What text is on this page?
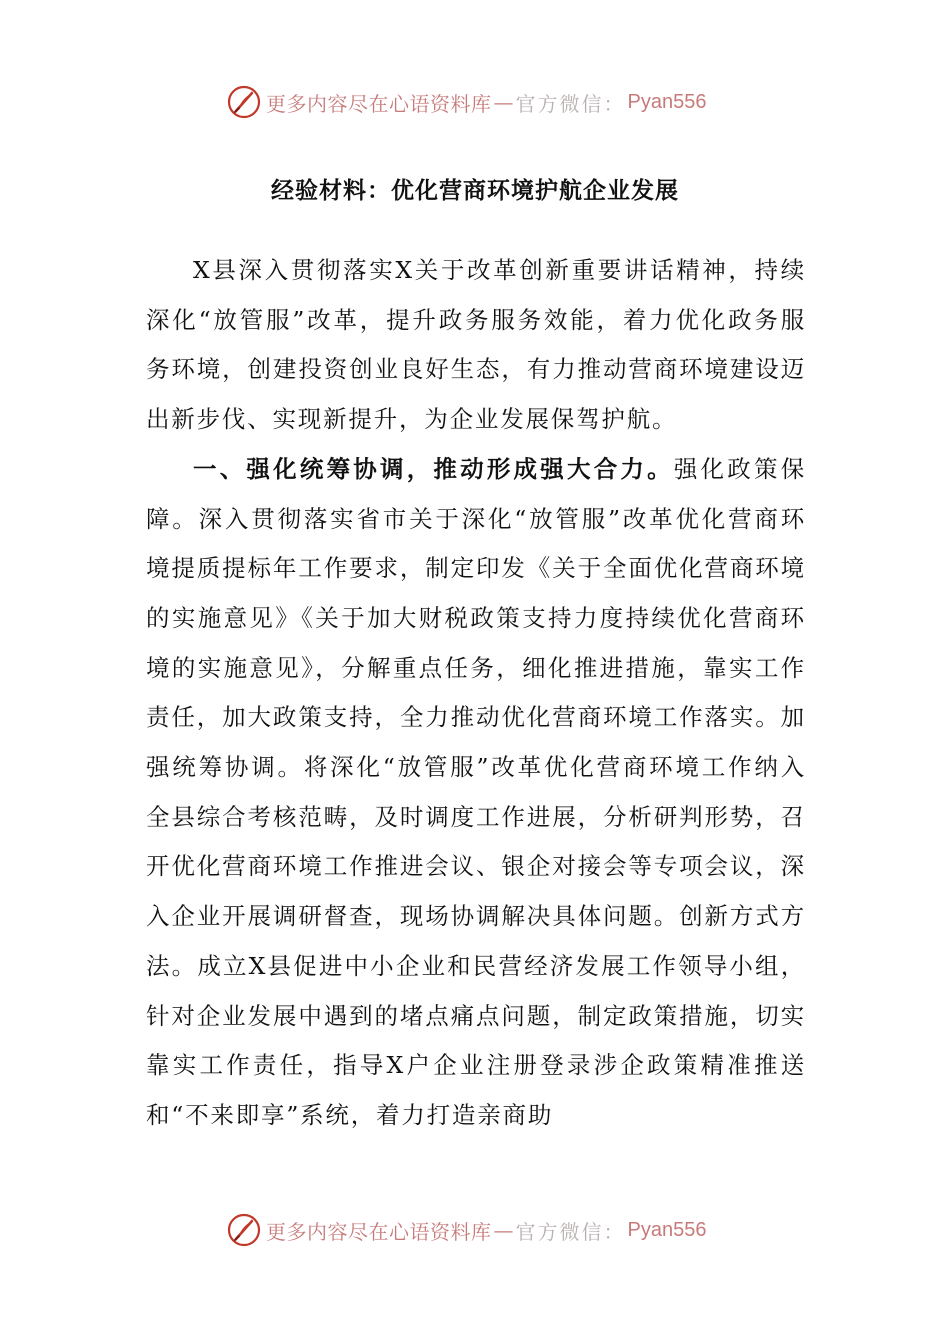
更多内容尽在心语资料库 — 官方微信： Pyan556
经验材料：优化营商环境护航企业发展

X县深入贯彻落实X关于改革创新重要讲话精神，持续深化“放管服”改革，提升政务服务效能，着力优化政务服务环境，创建投资创业良好生态，有力推动营商环境建设迈出新步伐、实现新提升，为企业发展保驾护航。

一、强化统筹协调，推动形成强大合力。强化政策保障。深入贯彻落实省市关于深化“放管服”改革优化营商环境提质提标年工作要求，制定印发《关于全面优化营商环境的实施意见》《关于加大财税政策支持力度持续优化营商环境的实施意见》，分解重点任务，细化推进措施，靠实工作责任，加大政策支持，全力推动优化营商环境工作落实。加强统筹协调。将深化“放管服”改革优化营商环境工作纳入全县综合考核范畴，及时调度工作进展，分析研判形势，召开优化营商环境工作推进会议、银企对接会等专项会议，深入企业开展调研督查，现场协调解决具体问题。创新方式方法。成立X县促进中小企业和民营经济发展工作领导小组，针对企业发展中遇到的堵点痛点问题，制定政策措施，切实靠实工作责任，指导X户企业注册登录涉企政策精准推送和“不来即享”系统，着力打造亲商助

更多内容尽在心语资料库 — 官方微信： Pyan556
